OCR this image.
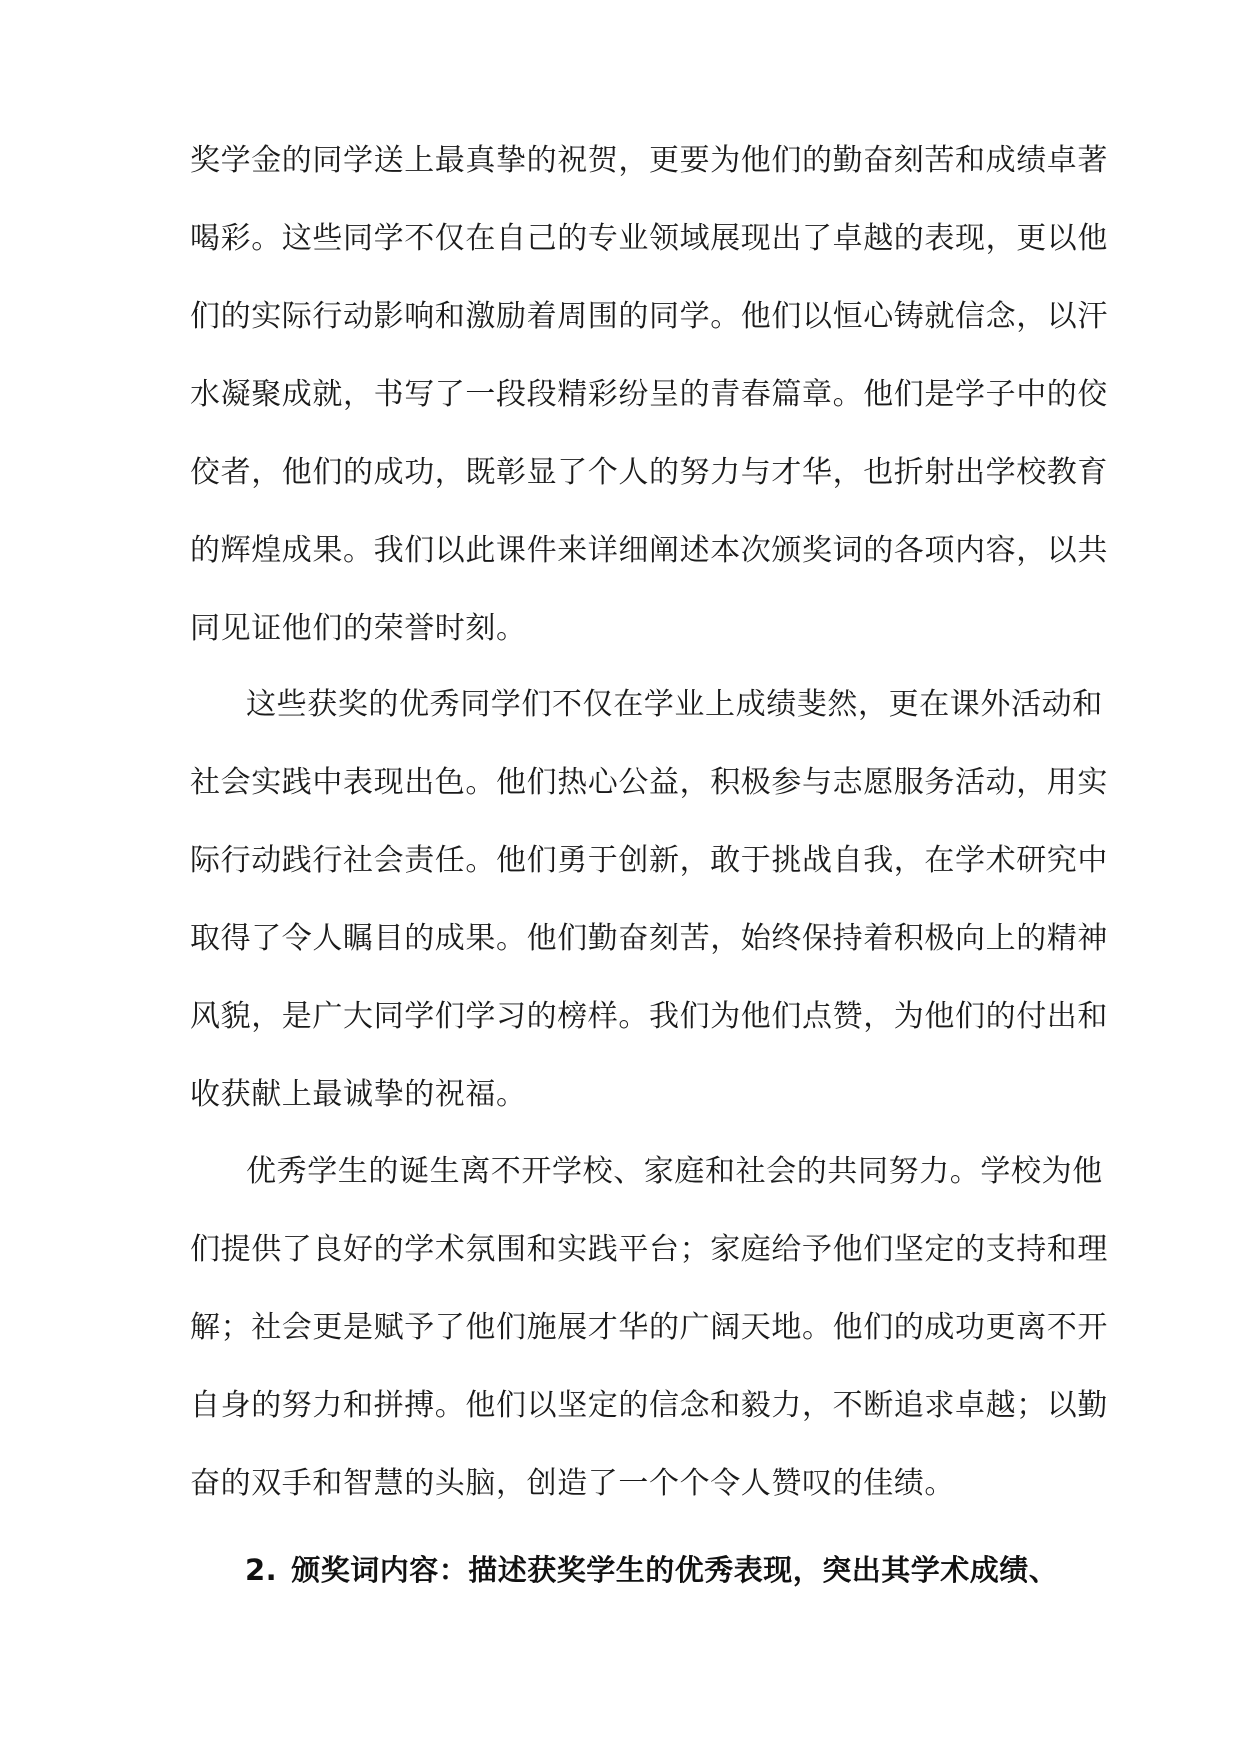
奖学金的同学送上最真挚的祝贺，更要为他们的勤奋刻苦和成绩卓著
喝彩。这些同学不仅在自己的专业领域展现出了卓越的表现，更以他
们的实际行动影响和激励着周围的同学。他们以恒心铸就信念，以汗
水凝聚成就，书写了一段段精彩纷呈的青春篇章。他们是学子中的佼
佼者，他们的成功，既彰显了个人的努力与才华，也折射出学校教育
的辉煌成果。我们以此课件来详细阐述本次颁奖词的各项内容，以共
同见证他们的荣誉时刻。
这些获奖的优秀同学们不仅在学业上成绩斐然，更在课外活动和
社会实践中表现出色。他们热心公益，积极参与志愿服务活动，用实
际行动践行社会责任。他们勇于创新，敢于挑战自我，在学术研究中
取得了令人瞩目的成果。他们勤奋刻苦，始终保持着积极向上的精神
风貌，是广大同学们学习的榜样。我们为他们点赞，为他们的付出和
收获献上最诚挚的祝福。
优秀学生的诞生离不开学校、家庭和社会的共同努力。学校为他
们提供了良好的学术氛围和实践平台；家庭给予他们坚定的支持和理
解；社会更是赋予了他们施展才华的广阔天地。他们的成功更离不开
自身的努力和拼搏。他们以坚定的信念和毅力，不断追求卓越；以勤
奋的双手和智慧的头脑，创造了一个个令人赞叹的佳绩。
2. 颁奖词内容：描述获奖学生的优秀表现，突出其学术成绩、
